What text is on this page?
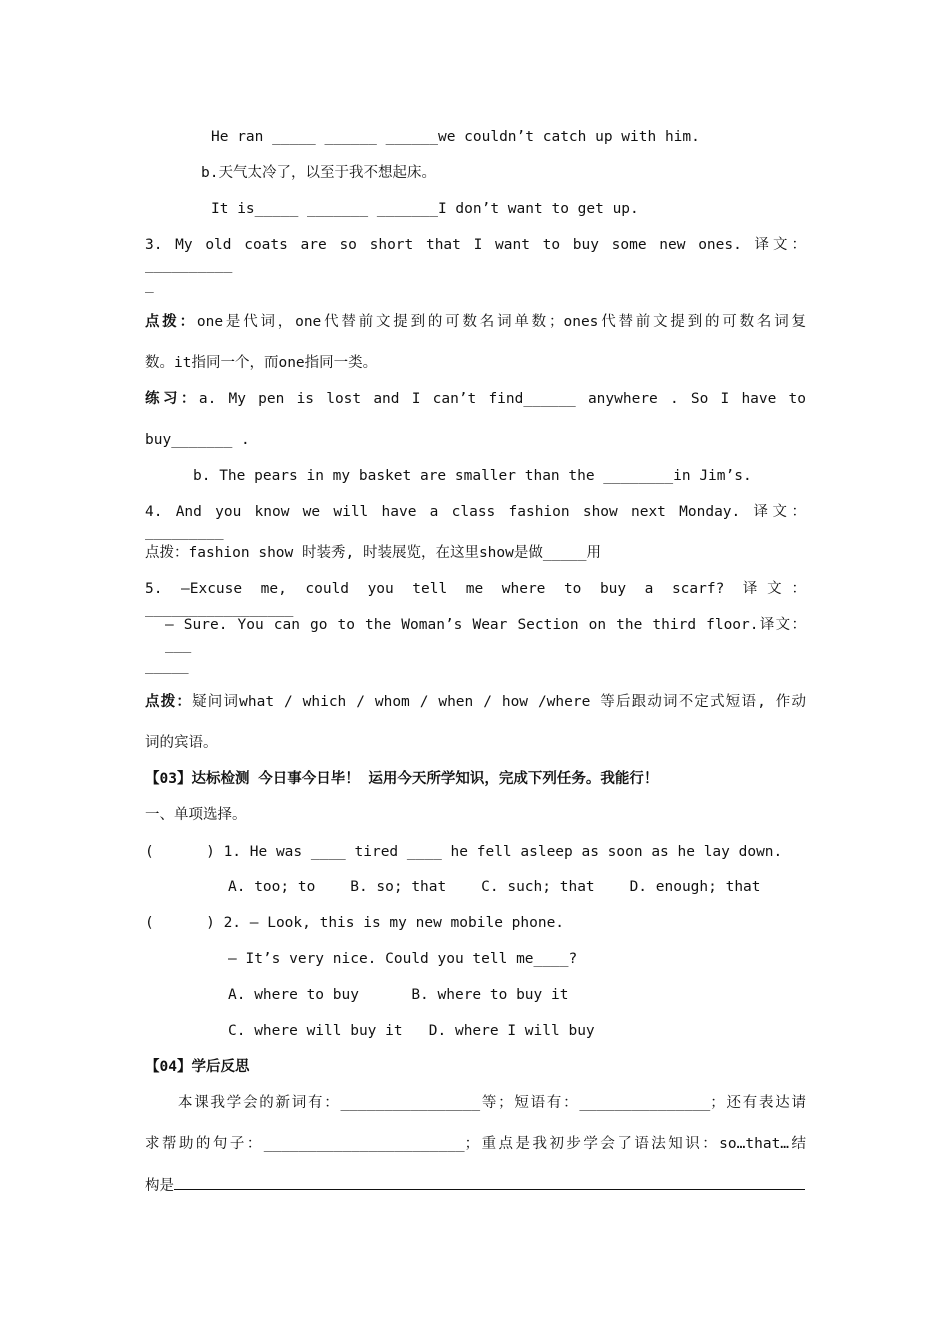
He ran _____ ______ ______we couldn’t catch up with him.
b.天气太冷了，以至于我不想起床。
It is_____ _______ _______I don’t want to get up.
3. My old coats are so short that I want to buy some new ones. 译文：__________
_
点拨：one是代词，one代替前文提到的可数名词单数；ones代替前文提到的可数名词复
数。it指同一个，而one指同一类。
练习：a. My pen is lost and I can’t find______ anywhere . So I have to
buy_______ .
b. The pears in my basket are smaller than the ________in Jim’s.
4. And you know we will have a class fashion show next Monday. 译文：_________
点拨：fashion show 时装秀, 时装展览，在这里show是做_____用
5. –Excuse me, could you tell me where to buy a scarf? 译文：_________________
– Sure. You can go to the Woman’s Wear Section on the third floor.译文：___
_____
点拨：疑问词what / which / whom / when / how /where 等后跟动词不定式短语, 作动
词的宾语。
【03】达标检测 今日事今日毕！ 运用今天所学知识，完成下列任务。我能行！
一、单项选择。
(      ) 1. He was ____ tired ____ he fell asleep as soon as he lay down.
A. too; to    B. so; that    C. such; that    D. enough; that
(      ) 2. — Look, this is my new mobile phone.
— It’s very nice. Could you tell me____?
A. where to buy      B. where to buy it
C. where will buy it   D. where I will buy
【04】学后反思
本课我学会的新词有：________________等；短语有：_______________；还有表达请
求帮助的句子：_______________________；重点是我初步学会了语法知识：so…that…结
构是
